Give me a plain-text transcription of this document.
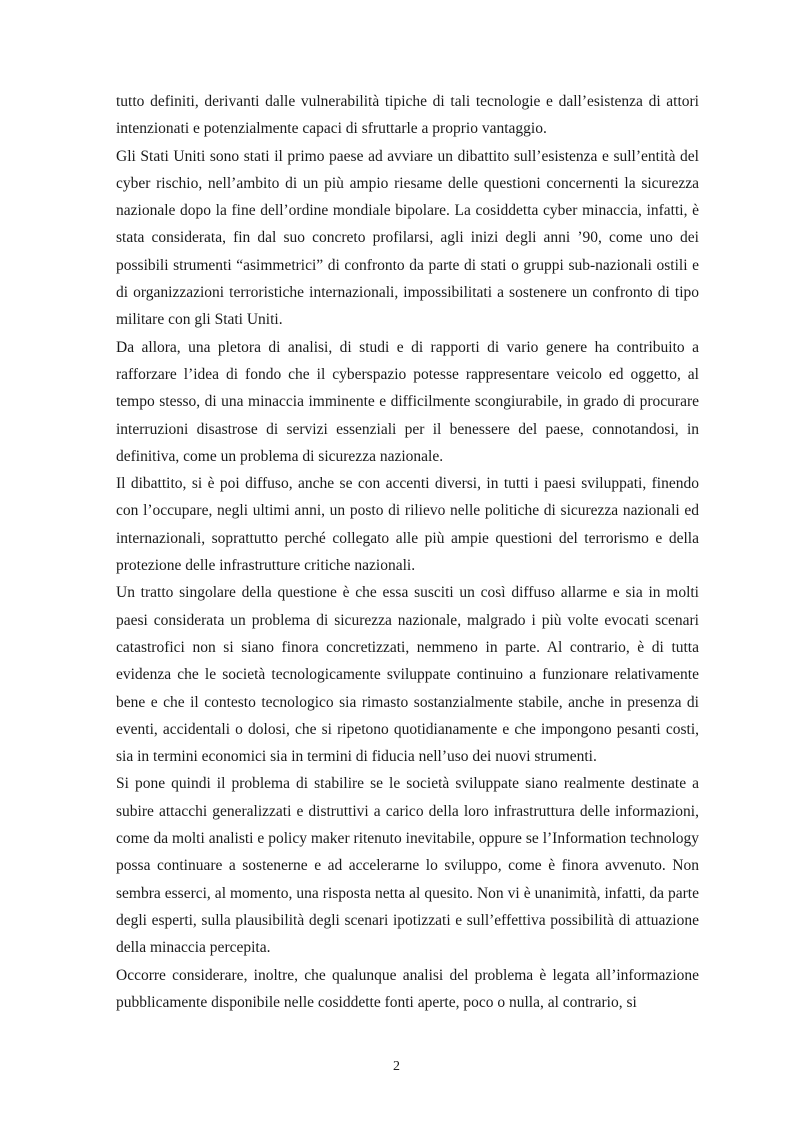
tutto definiti, derivanti dalle vulnerabilità tipiche di tali tecnologie e dall’esistenza di attori intenzionati e potenzialmente capaci di sfruttarle a proprio vantaggio.

Gli Stati Uniti sono stati il primo paese ad avviare un dibattito sull’esistenza e sull’entità del cyber rischio, nell’ambito di un più ampio riesame delle questioni concernenti la sicurezza nazionale dopo la fine dell’ordine mondiale bipolare. La cosiddetta cyber minaccia, infatti, è stata considerata, fin dal suo concreto profilarsi, agli inizi degli anni ’90, come uno dei possibili strumenti “asimmetrici” di confronto da parte di stati o gruppi sub-nazionali ostili e di organizzazioni terroristiche internazionali, impossibilitati a sostenere un confronto di tipo militare con gli Stati Uniti.

Da allora, una pletora di analisi, di studi e di rapporti di vario genere ha contribuito a rafforzare l’idea di fondo che il cyberspazio potesse rappresentare veicolo ed oggetto, al tempo stesso, di una minaccia imminente e difficilmente scongiurabile, in grado di procurare interruzioni disastrose di servizi essenziali per il benessere del paese, connotandosi, in definitiva, come un problema di sicurezza nazionale.

Il dibattito, si è poi diffuso, anche se con accenti diversi, in tutti i paesi sviluppati, finendo con l’occupare, negli ultimi anni, un posto di rilievo nelle politiche di sicurezza nazionali ed internazionali, soprattutto perché collegato alle più ampie questioni del terrorismo e della protezione delle infrastrutture critiche nazionali.

Un tratto singolare della questione è che essa susciti un così diffuso allarme e sia in molti paesi considerata un problema di sicurezza nazionale, malgrado i più volte evocati scenari catastrofici non si siano finora concretizzati, nemmeno in parte. Al contrario, è di tutta evidenza che le società tecnologicamente sviluppate continuino a funzionare relativamente bene e che il contesto tecnologico sia rimasto sostanzialmente stabile, anche in presenza di eventi, accidentali o dolosi, che si ripetono quotidianamente e che impongono pesanti costi, sia in termini economici sia in termini di fiducia nell’uso dei nuovi strumenti.

Si pone quindi il problema di stabilire se le società sviluppate siano realmente destinate a subire attacchi generalizzati e distruttivi a carico della loro infrastruttura delle informazioni, come da molti analisti e policy maker ritenuto inevitabile, oppure se l’Information technology possa continuare a sostenerne e ad accelerarne lo sviluppo, come è finora avvenuto. Non sembra esserci, al momento, una risposta netta al quesito. Non vi è unanimità, infatti, da parte degli esperti, sulla plausibilità degli scenari ipotizzati e sull’effettiva possibilità di attuazione della minaccia percepita.

Occorre considerare, inoltre, che qualunque analisi del problema è legata all’informazione pubblicamente disponibile nelle cosiddette fonti aperte, poco o nulla, al contrario, si

2
